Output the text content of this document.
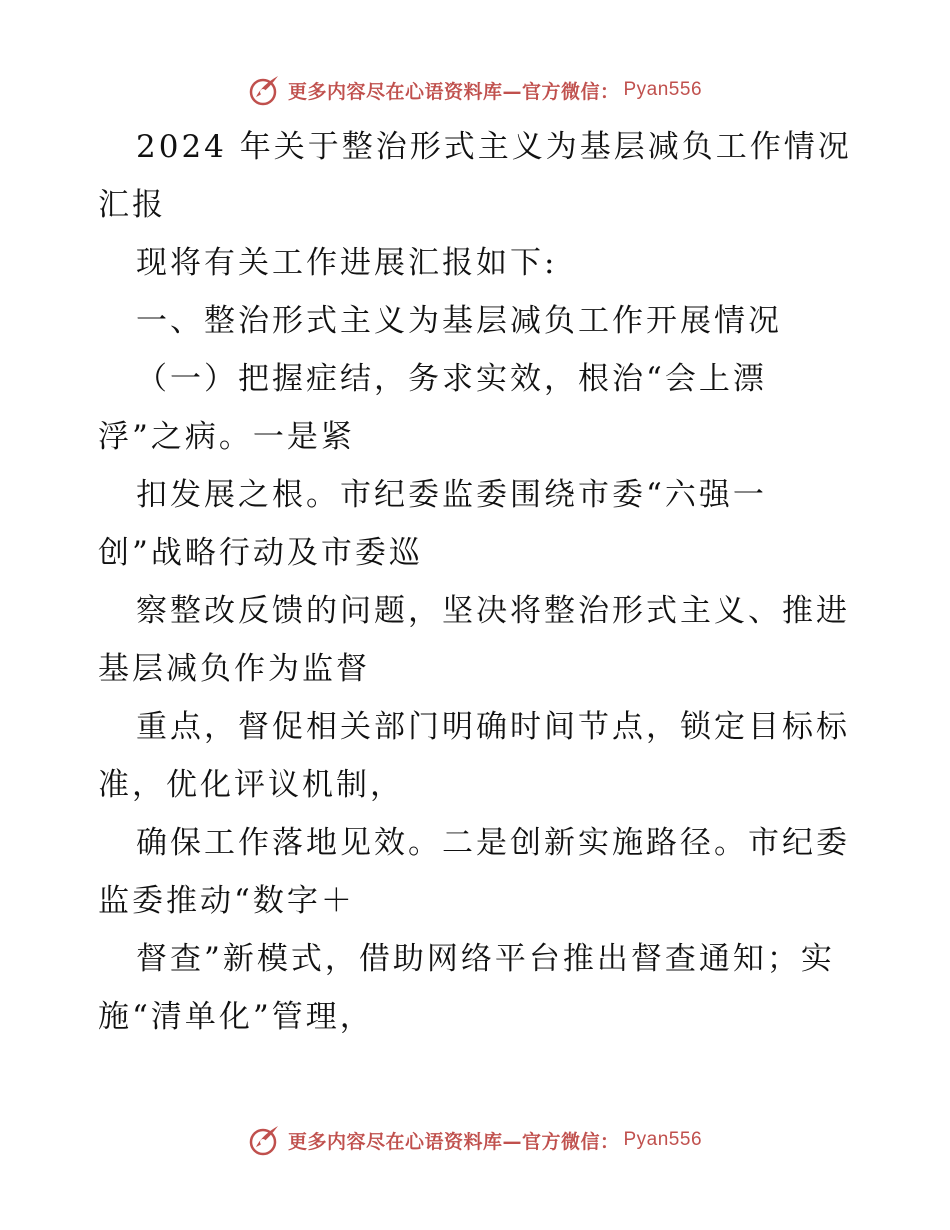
更多内容尽在心语资料库—官方微信： Pyan556

2024 年关于整治形式主义为基层减负工作情况

汇报

现将有关工作进展汇报如下:

一、整治形式主义为基层减负工作开展情况

（一）把握症结，务求实效，根治“会上漂

浮”之病。一是紧

扣发展之根。市纪委监委围绕市委“六强一

创”战略行动及市委巡

察整改反馈的问题，坚决将整治形式主义、推进

基层减负作为监督

重点，督促相关部门明确时间节点，锁定目标标

准，优化评议机制，

确保工作落地见效。二是创新实施路径。市纪委

监委推动“数字＋

督查”新模式，借助网络平台推出督查通知；实

施“清单化”管理，

更多内容尽在心语资料库—官方微信： Pyan556
